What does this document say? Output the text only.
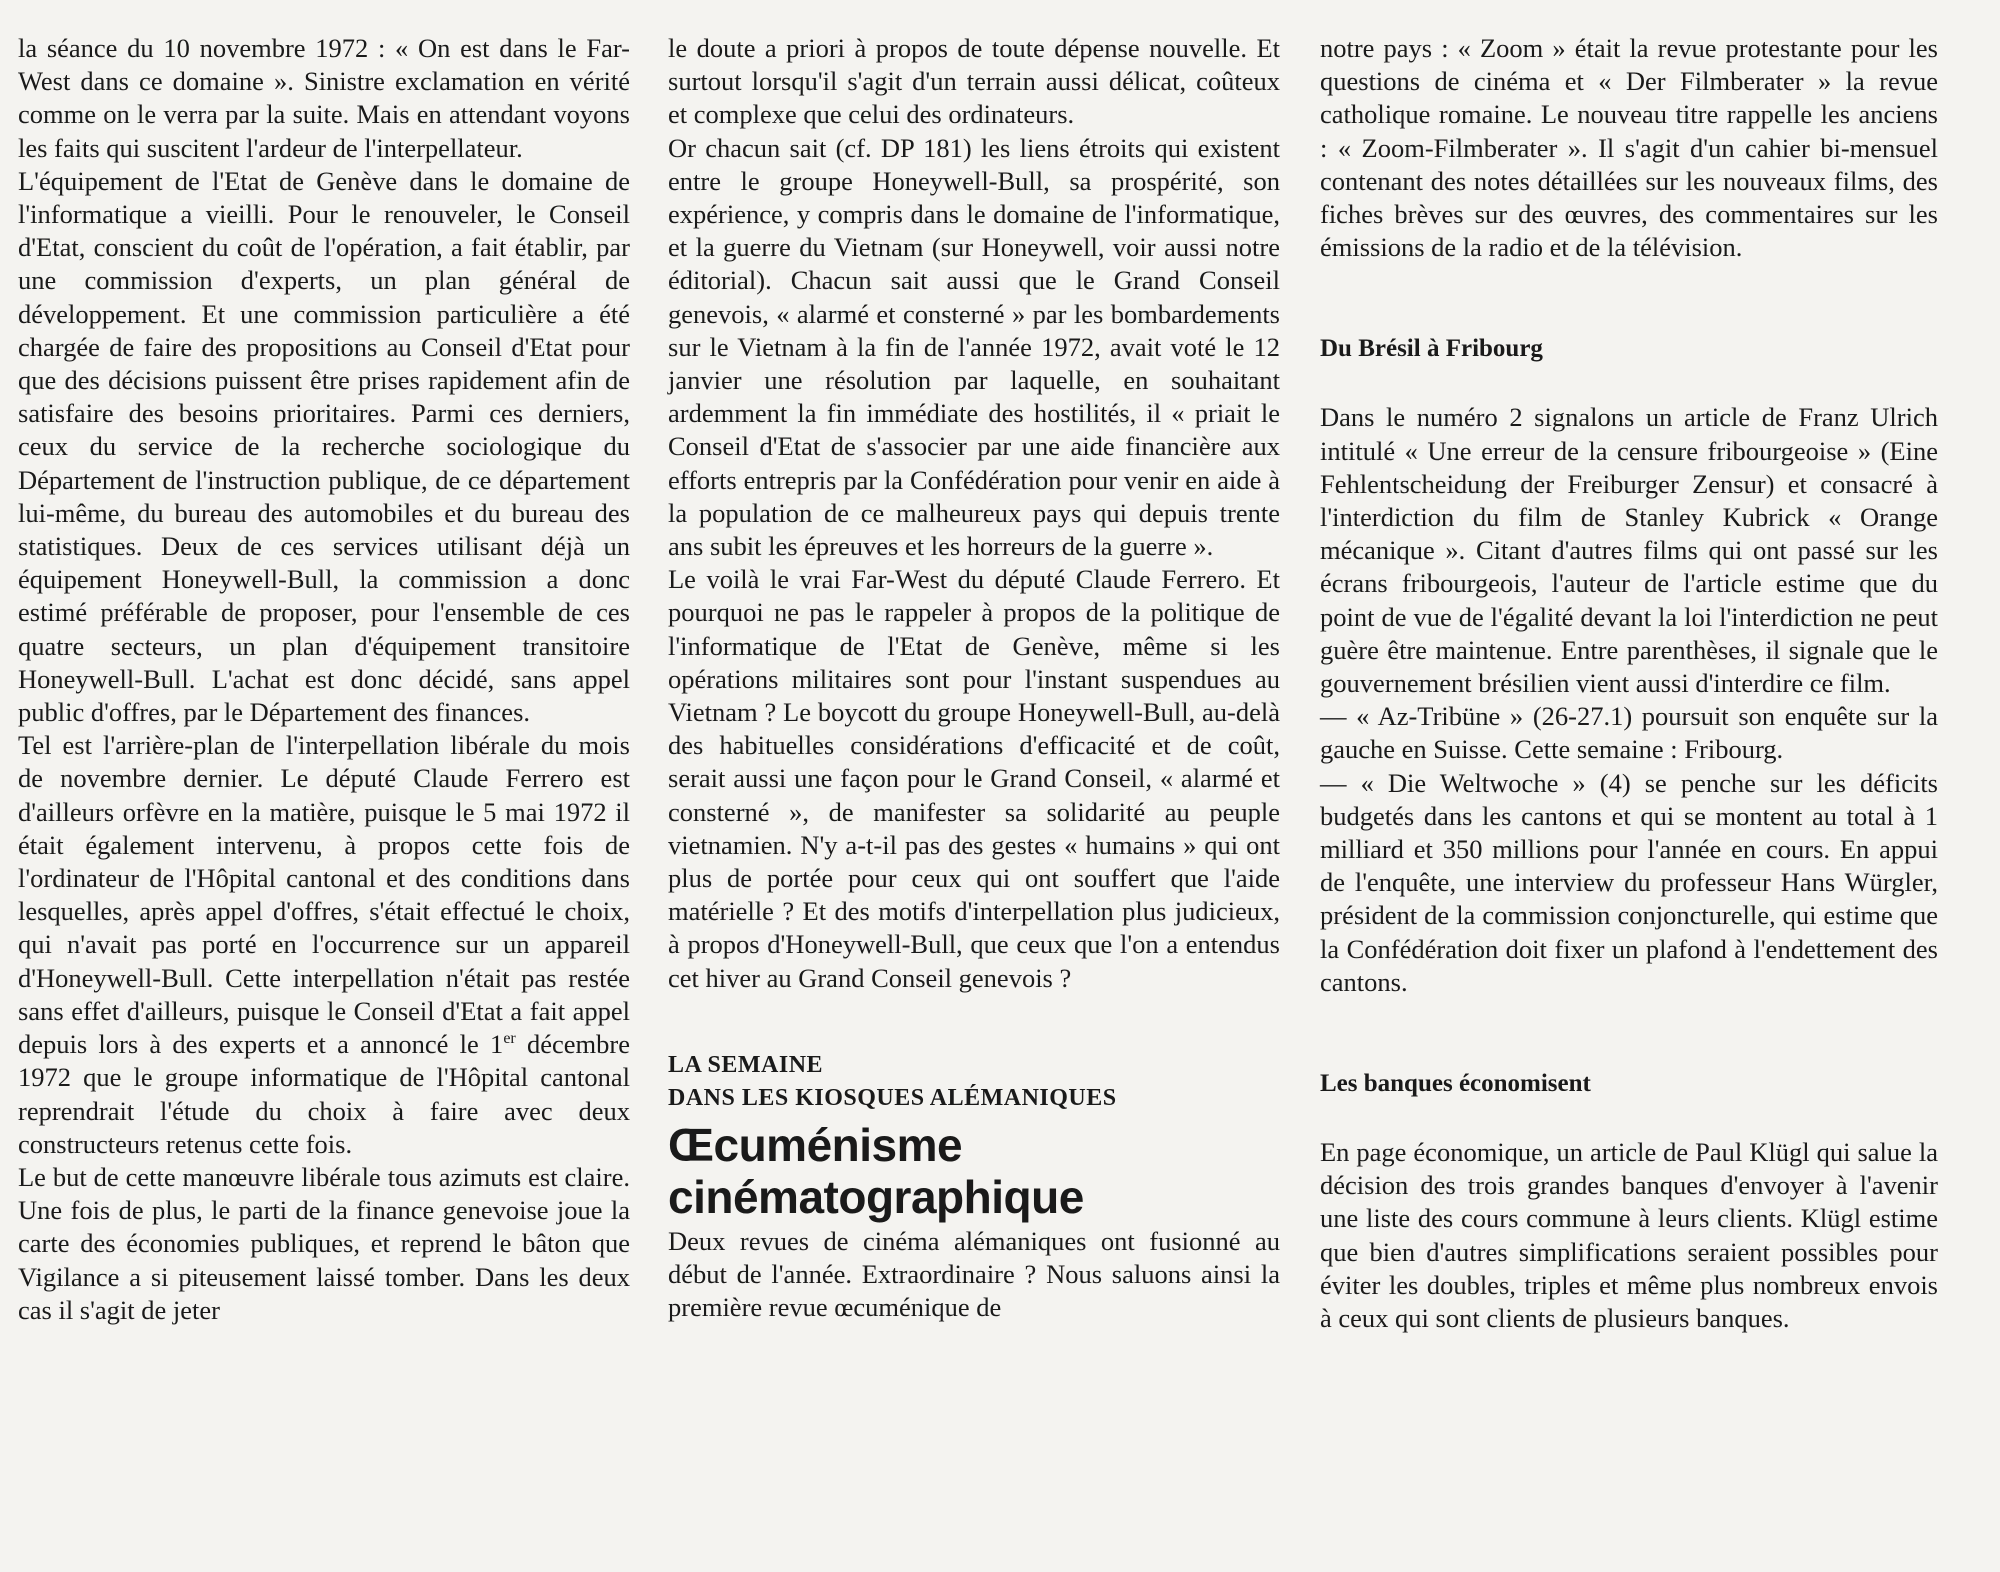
la séance du 10 novembre 1972 : « On est dans le Far-West dans ce domaine ». Sinistre exclamation en vérité comme on le verra par la suite. Mais en attendant voyons les faits qui suscitent l'ardeur de l'interpellateur.

L'équipement de l'Etat de Genève dans le domaine de l'informatique a vieilli. Pour le renouveler, le Conseil d'Etat, conscient du coût de l'opération, a fait établir, par une commission d'experts, un plan général de développement. Et une commission particulière a été chargée de faire des propositions au Conseil d'Etat pour que des décisions puissent être prises rapidement afin de satisfaire des besoins prioritaires. Parmi ces derniers, ceux du service de la recherche sociologique du Département de l'instruction publique, de ce département lui-même, du bureau des automobiles et du bureau des statistiques. Deux de ces services utilisant déjà un équipement Honeywell-Bull, la commission a donc estimé préférable de proposer, pour l'ensemble de ces quatre secteurs, un plan d'équipement transitoire Honeywell-Bull. L'achat est donc décidé, sans appel public d'offres, par le Département des finances.

Tel est l'arrière-plan de l'interpellation libérale du mois de novembre dernier. Le député Claude Ferrero est d'ailleurs orfèvre en la matière, puisque le 5 mai 1972 il était également intervenu, à propos cette fois de l'ordinateur de l'Hôpital cantonal et des conditions dans lesquelles, après appel d'offres, s'était effectué le choix, qui n'avait pas porté en l'occurrence sur un appareil d'Honeywell-Bull. Cette interpellation n'était pas restée sans effet d'ailleurs, puisque le Conseil d'Etat a fait appel depuis lors à des experts et a annoncé le 1er décembre 1972 que le groupe informatique de l'Hôpital cantonal reprendrait l'étude du choix à faire avec deux constructeurs retenus cette fois.

Le but de cette manœuvre libérale tous azimuts est claire. Une fois de plus, le parti de la finance genevoise joue la carte des économies publiques, et reprend le bâton que Vigilance a si piteusement laissé tomber. Dans les deux cas il s'agit de jeter

le doute a priori à propos de toute dépense nouvelle. Et surtout lorsqu'il s'agit d'un terrain aussi délicat, coûteux et complexe que celui des ordinateurs.

Or chacun sait (cf. DP 181) les liens étroits qui existent entre le groupe Honeywell-Bull, sa prospérité, son expérience, y compris dans le domaine de l'informatique, et la guerre du Vietnam (sur Honeywell, voir aussi notre éditorial). Chacun sait aussi que le Grand Conseil genevois, « alarmé et consterné » par les bombardements sur le Vietnam à la fin de l'année 1972, avait voté le 12 janvier une résolution par laquelle, en souhaitant ardemment la fin immédiate des hostilités, il « priait le Conseil d'Etat de s'associer par une aide financière aux efforts entrepris par la Confédération pour venir en aide à la population de ce malheureux pays qui depuis trente ans subit les épreuves et les horreurs de la guerre ».

Le voilà le vrai Far-West du député Claude Ferrero. Et pourquoi ne pas le rappeler à propos de la politique de l'informatique de l'Etat de Genève, même si les opérations militaires sont pour l'instant suspendues au Vietnam ? Le boycott du groupe Honeywell-Bull, au-delà des habituelles considérations d'efficacité et de coût, serait aussi une façon pour le Grand Conseil, « alarmé et consterné », de manifester sa solidarité au peuple vietnamien. N'y a-t-il pas des gestes « humains » qui ont plus de portée pour ceux qui ont souffert que l'aide matérielle ? Et des motifs d'interpellation plus judicieux, à propos d'Honeywell-Bull, que ceux que l'on a entendus cet hiver au Grand Conseil genevois ?

LA SEMAINE

DANS LES KIOSQUES ALÉMANIQUES

Œcuménisme
cinématographique

Deux revues de cinéma alémaniques ont fusionné au début de l'année. Extraordinaire ? Nous saluons ainsi la première revue œcuménique de

notre pays : « Zoom » était la revue protestante pour les questions de cinéma et « Der Filmberater » la revue catholique romaine. Le nouveau titre rappelle les anciens : « Zoom-Filmberater ». Il s'agit d'un cahier bi-mensuel contenant des notes détaillées sur les nouveaux films, des fiches brèves sur des œuvres, des commentaires sur les émissions de la radio et de la télévision.

Du Brésil à Fribourg

Dans le numéro 2 signalons un article de Franz Ulrich intitulé « Une erreur de la censure fribourgeoise » (Eine Fehlentscheidung der Freiburger Zensur) et consacré à l'interdiction du film de Stanley Kubrick « Orange mécanique ». Citant d'autres films qui ont passé sur les écrans fribourgeois, l'auteur de l'article estime que du point de vue de l'égalité devant la loi l'interdiction ne peut guère être maintenue. Entre parenthèses, il signale que le gouvernement brésilien vient aussi d'interdire ce film.

— « Az-Tribüne » (26-27.1) poursuit son enquête sur la gauche en Suisse. Cette semaine : Fribourg.

— « Die Weltwoche » (4) se penche sur les déficits budgetés dans les cantons et qui se montent au total à 1 milliard et 350 millions pour l'année en cours. En appui de l'enquête, une interview du professeur Hans Würgler, président de la commission conjoncturelle, qui estime que la Confédération doit fixer un plafond à l'endettement des cantons.

Les banques économisent

En page économique, un article de Paul Klügl qui salue la décision des trois grandes banques d'envoyer à l'avenir une liste des cours commune à leurs clients. Klügl estime que bien d'autres simplifications seraient possibles pour éviter les doubles, triples et même plus nombreux envois à ceux qui sont clients de plusieurs banques.
